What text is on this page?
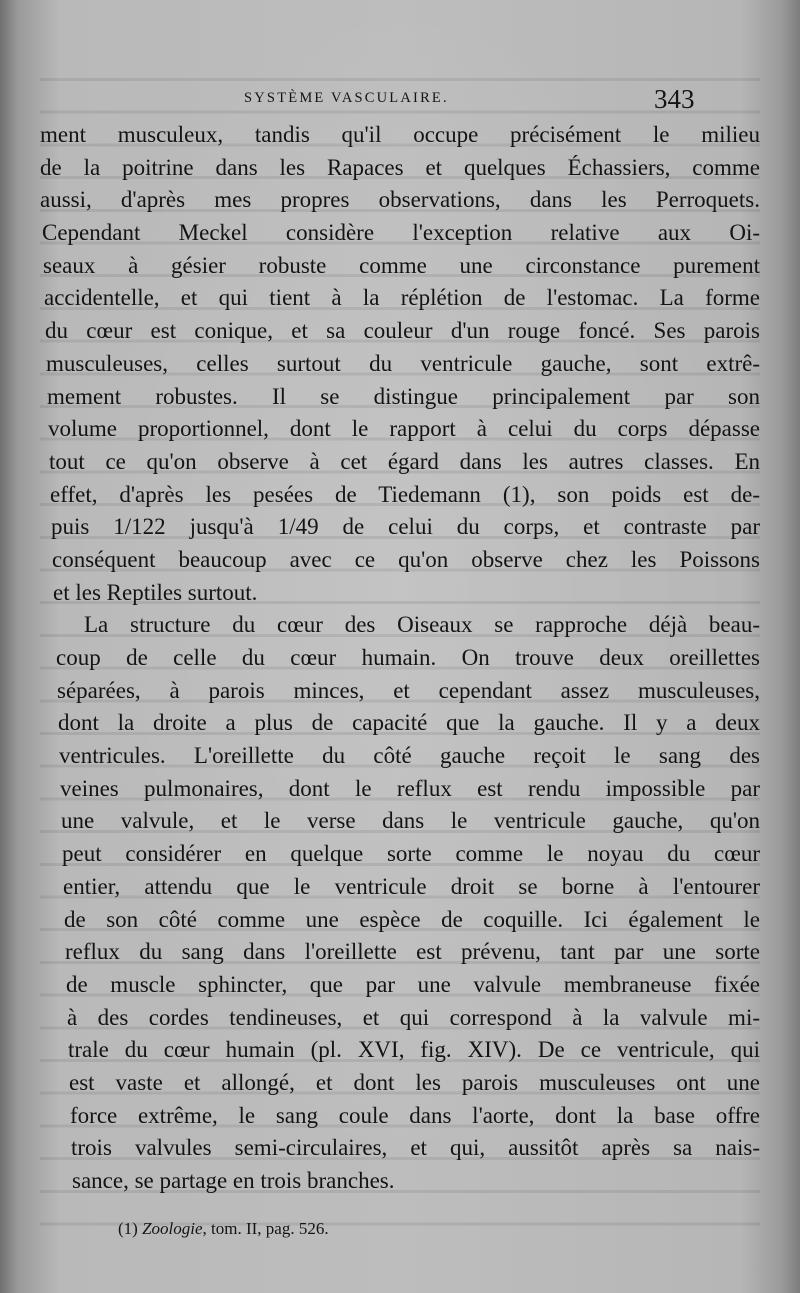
SYSTÈME VASCULAIRE.	343
ment musculeux, tandis qu'il occupe précisément le milieu
de la poitrine dans les Rapaces et quelques Échassiers, comme
aussi, d'après mes propres observations, dans les Perroquets.
Cependant Meckel considère l'exception relative aux Oi-
seaux à gésier robuste comme une circonstance purement
accidentelle, et qui tient à la réplétion de l'estomac. La forme
du cœur est conique, et sa couleur d'un rouge foncé. Ses parois
musculeuses, celles surtout du ventricule gauche, sont extrê-
mement robustes. Il se distingue principalement par son
volume proportionnel, dont le rapport à celui du corps dépasse
tout ce qu'on observe à cet égard dans les autres classes. En
effet, d'après les pesées de Tiedemann (1), son poids est de-
puis 1/122 jusqu'à 1/49 de celui du corps, et contraste par
conséquent beaucoup avec ce qu'on observe chez les Poissons
et les Reptiles surtout.
La structure du cœur des Oiseaux se rapproche déjà beau-
coup de celle du cœur humain. On trouve deux oreillettes
séparées, à parois minces, et cependant assez musculeuses,
dont la droite a plus de capacité que la gauche. Il y a deux
ventricules. L'oreillette du côté gauche reçoit le sang des
veines pulmonaires, dont le reflux est rendu impossible par
une valvule, et le verse dans le ventricule gauche, qu'on
peut considérer en quelque sorte comme le noyau du cœur
entier, attendu que le ventricule droit se borne à l'entourer
de son côté comme une espèce de coquille. Ici également le
reflux du sang dans l'oreillette est prévenu, tant par une sorte
de muscle sphincter, que par une valvule membraneuse fixée
à des cordes tendineuses, et qui correspond à la valvule mi-
trale du cœur humain (pl. XVI, fig. XIV). De ce ventricule, qui
est vaste et allongé, et dont les parois musculeuses ont une
force extrême, le sang coule dans l'aorte, dont la base offre
trois valvules semi-circulaires, et qui, aussitôt après sa nais-
sance, se partage en trois branches.
(1) Zoologie, tom. II, pag. 526.
